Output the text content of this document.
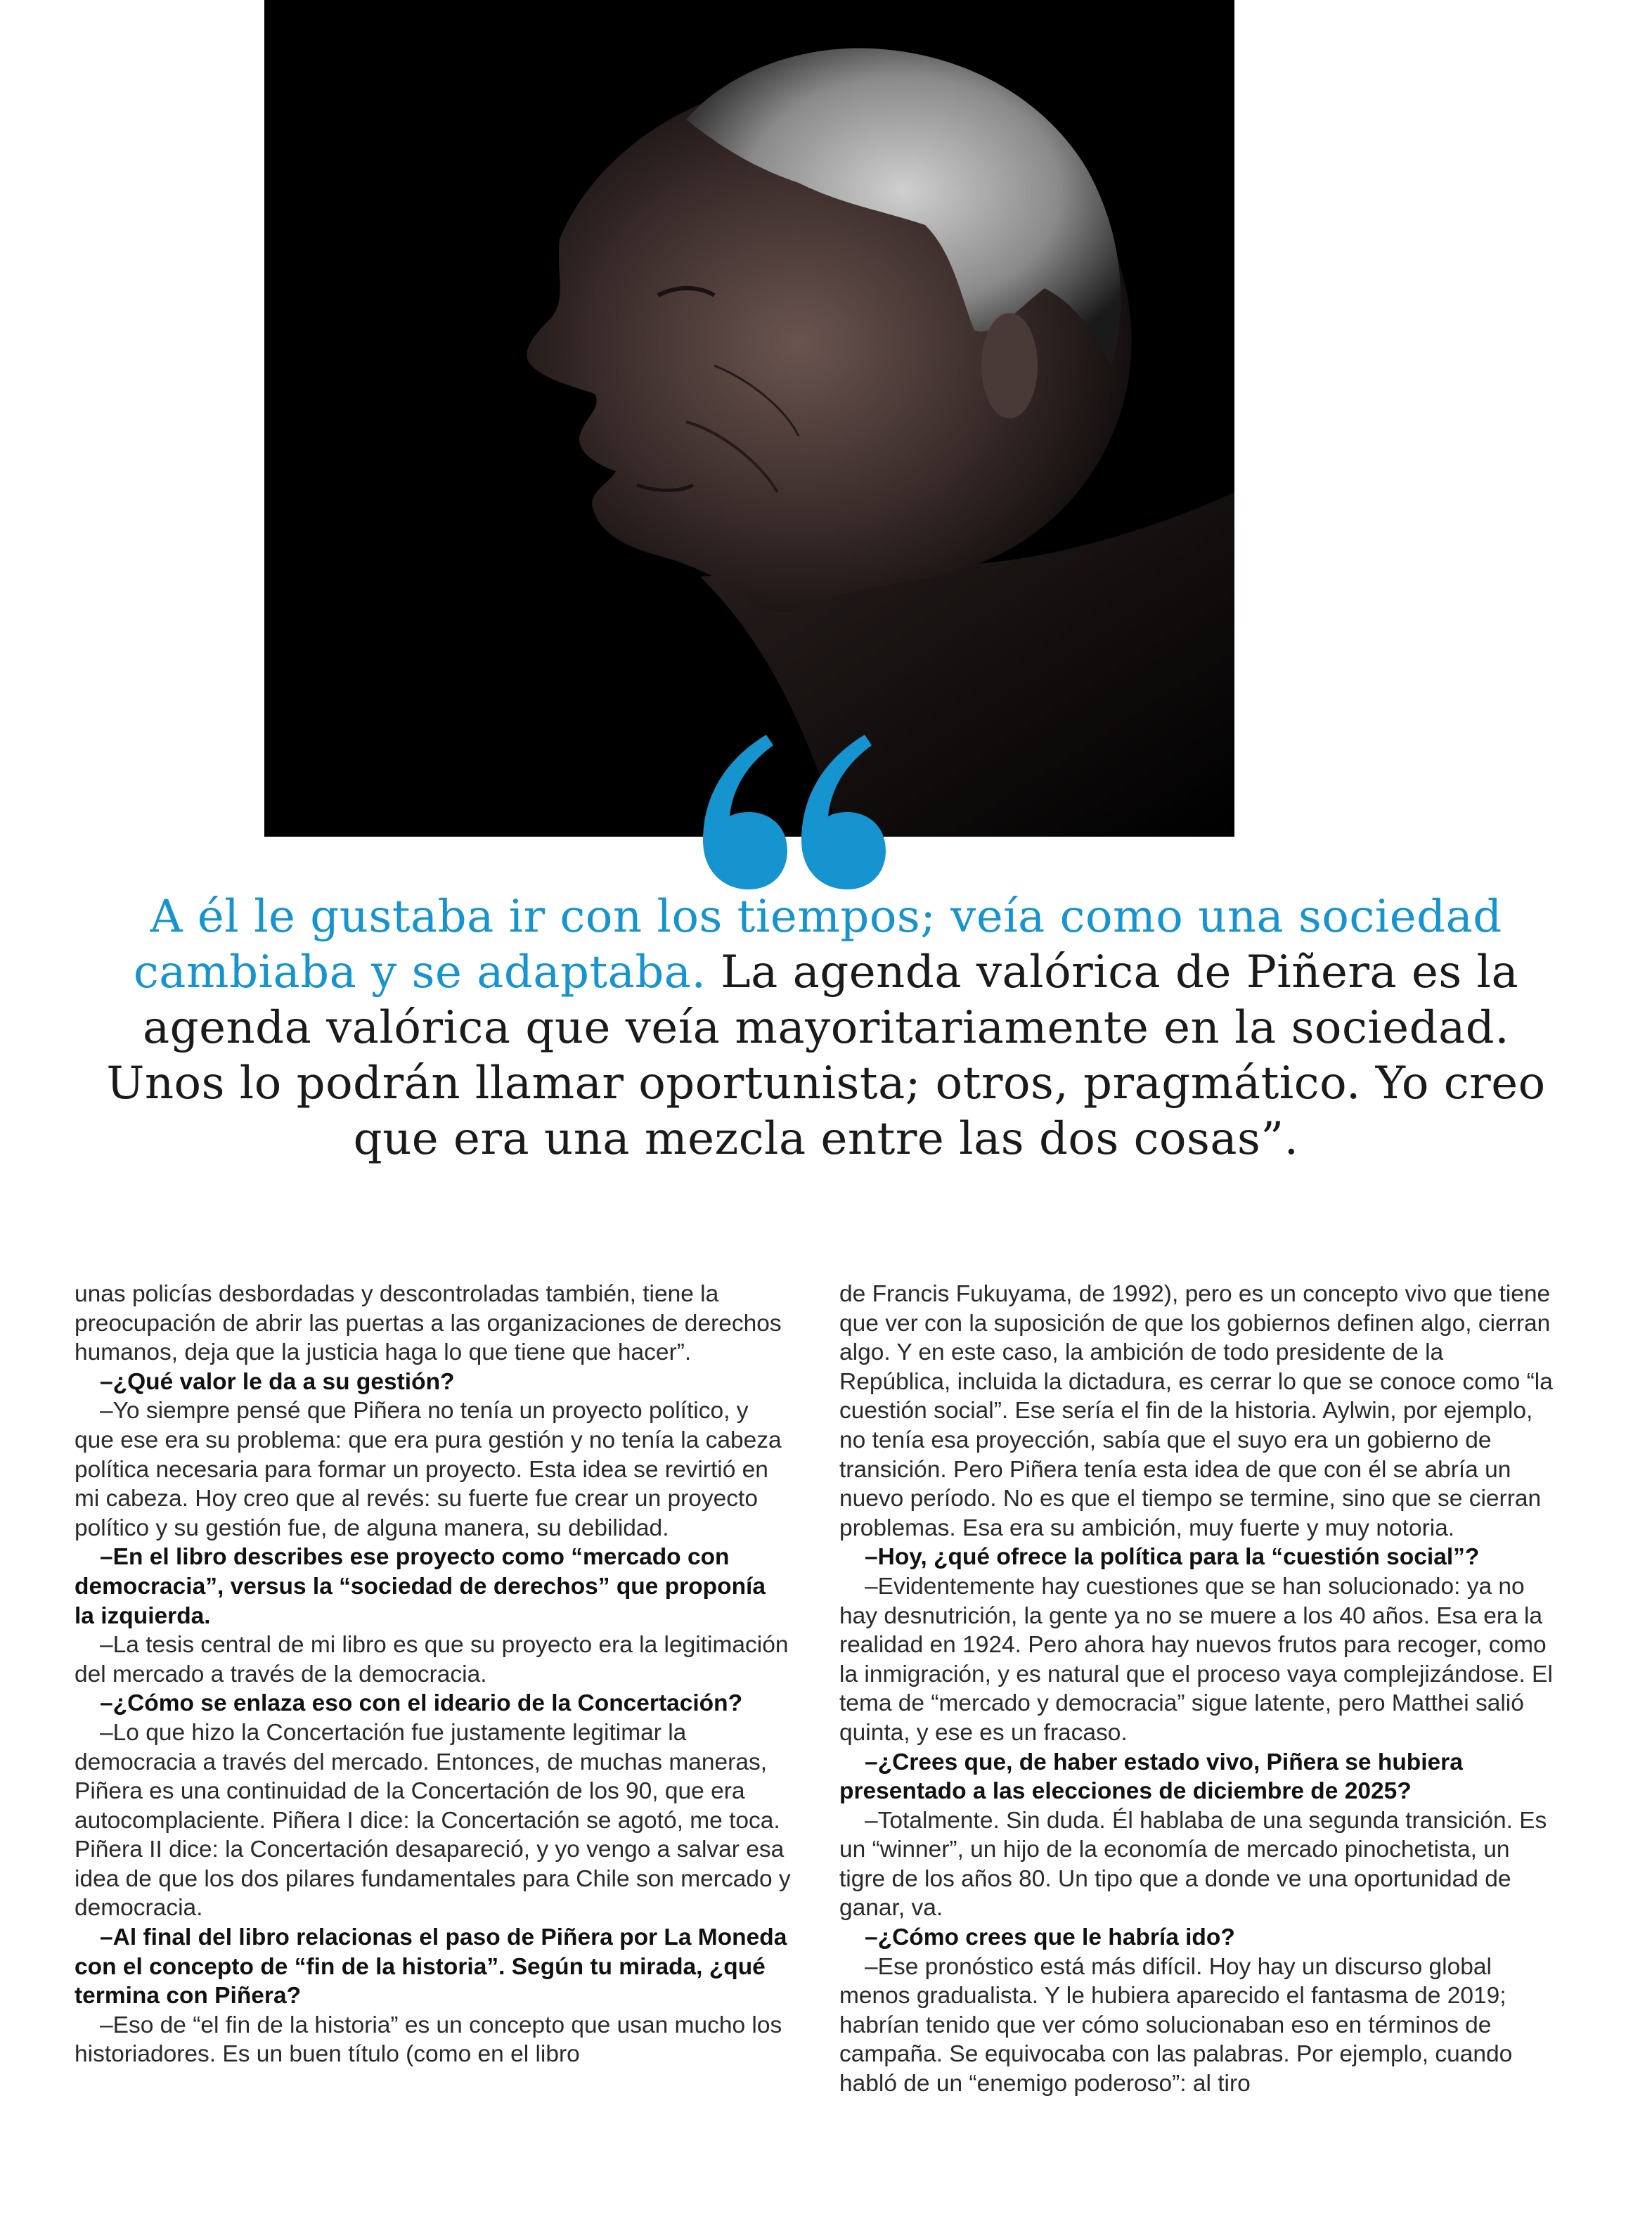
A él le gustaba ir con los tiempos; veía como una sociedad cambiaba y se adaptaba. La agenda valórica de Piñera es la agenda valórica que veía mayoritariamente en la sociedad. Unos lo podrán llamar oportunista; otros, pragmático. Yo creo que era una mezcla entre las dos cosas”.

unas policías desbordadas y descontroladas también, tiene la preocupación de abrir las puertas a las organizaciones de derechos humanos, deja que la justicia haga lo que tiene que hacer”.

–¿Qué valor le da a su gestión?

–Yo siempre pensé que Piñera no tenía un proyecto político, y que ese era su problema: que era pura gestión y no tenía la cabeza política necesaria para formar un proyecto. Esta idea se revirtió en mi cabeza. Hoy creo que al revés: su fuerte fue crear un proyecto político y su gestión fue, de alguna manera, su debilidad.

–En el libro describes ese proyecto como “mercado con democracia”, versus la “sociedad de derechos” que proponía la izquierda.

–La tesis central de mi libro es que su proyecto era la legitimación del mercado a través de la democracia.

–¿Cómo se enlaza eso con el ideario de la Concertación?

–Lo que hizo la Concertación fue justamente legitimar la democracia a través del mercado. Entonces, de muchas maneras, Piñera es una continuidad de la Concertación de los 90, que era autocomplaciente. Piñera I dice: la Concertación se agotó, me toca. Piñera II dice: la Concertación desapareció, y yo vengo a salvar esa idea de que los dos pilares fundamentales para Chile son mercado y democracia.

–Al final del libro relacionas el paso de Piñera por La Moneda con el concepto de “fin de la historia”. Según tu mirada, ¿qué termina con Piñera?

–Eso de “el fin de la historia” es un concepto que usan mucho los historiadores. Es un buen título (como en el libro

de Francis Fukuyama, de 1992), pero es un concepto vivo que tiene que ver con la suposición de que los gobiernos definen algo, cierran algo. Y en este caso, la ambición de todo presidente de la República, incluida la dictadura, es cerrar lo que se conoce como “la cuestión social”. Ese sería el fin de la historia. Aylwin, por ejemplo, no tenía esa proyección, sabía que el suyo era un gobierno de transición. Pero Piñera tenía esta idea de que con él se abría un nuevo período. No es que el tiempo se termine, sino que se cierran problemas. Esa era su ambición, muy fuerte y muy notoria.

–Hoy, ¿qué ofrece la política para la “cuestión social”?

–Evidentemente hay cuestiones que se han solucionado: ya no hay desnutrición, la gente ya no se muere a los 40 años. Esa era la realidad en 1924. Pero ahora hay nuevos frutos para recoger, como la inmigración, y es natural que el proceso vaya complejizándose. El tema de “mercado y democracia” sigue latente, pero Matthei salió quinta, y ese es un fracaso.

–¿Crees que, de haber estado vivo, Piñera se hubiera presentado a las elecciones de diciembre de 2025?

–Totalmente. Sin duda. Él hablaba de una segunda transición. Es un “winner”, un hijo de la economía de mercado pinochetista, un tigre de los años 80. Un tipo que a donde ve una oportunidad de ganar, va.

–¿Cómo crees que le habría ido?

–Ese pronóstico está más difícil. Hoy hay un discurso global menos gradualista. Y le hubiera aparecido el fantasma de 2019; habrían tenido que ver cómo solucionaban eso en términos de campaña. Se equivocaba con las palabras. Por ejemplo, cuando habló de un “enemigo poderoso”: al tiro
